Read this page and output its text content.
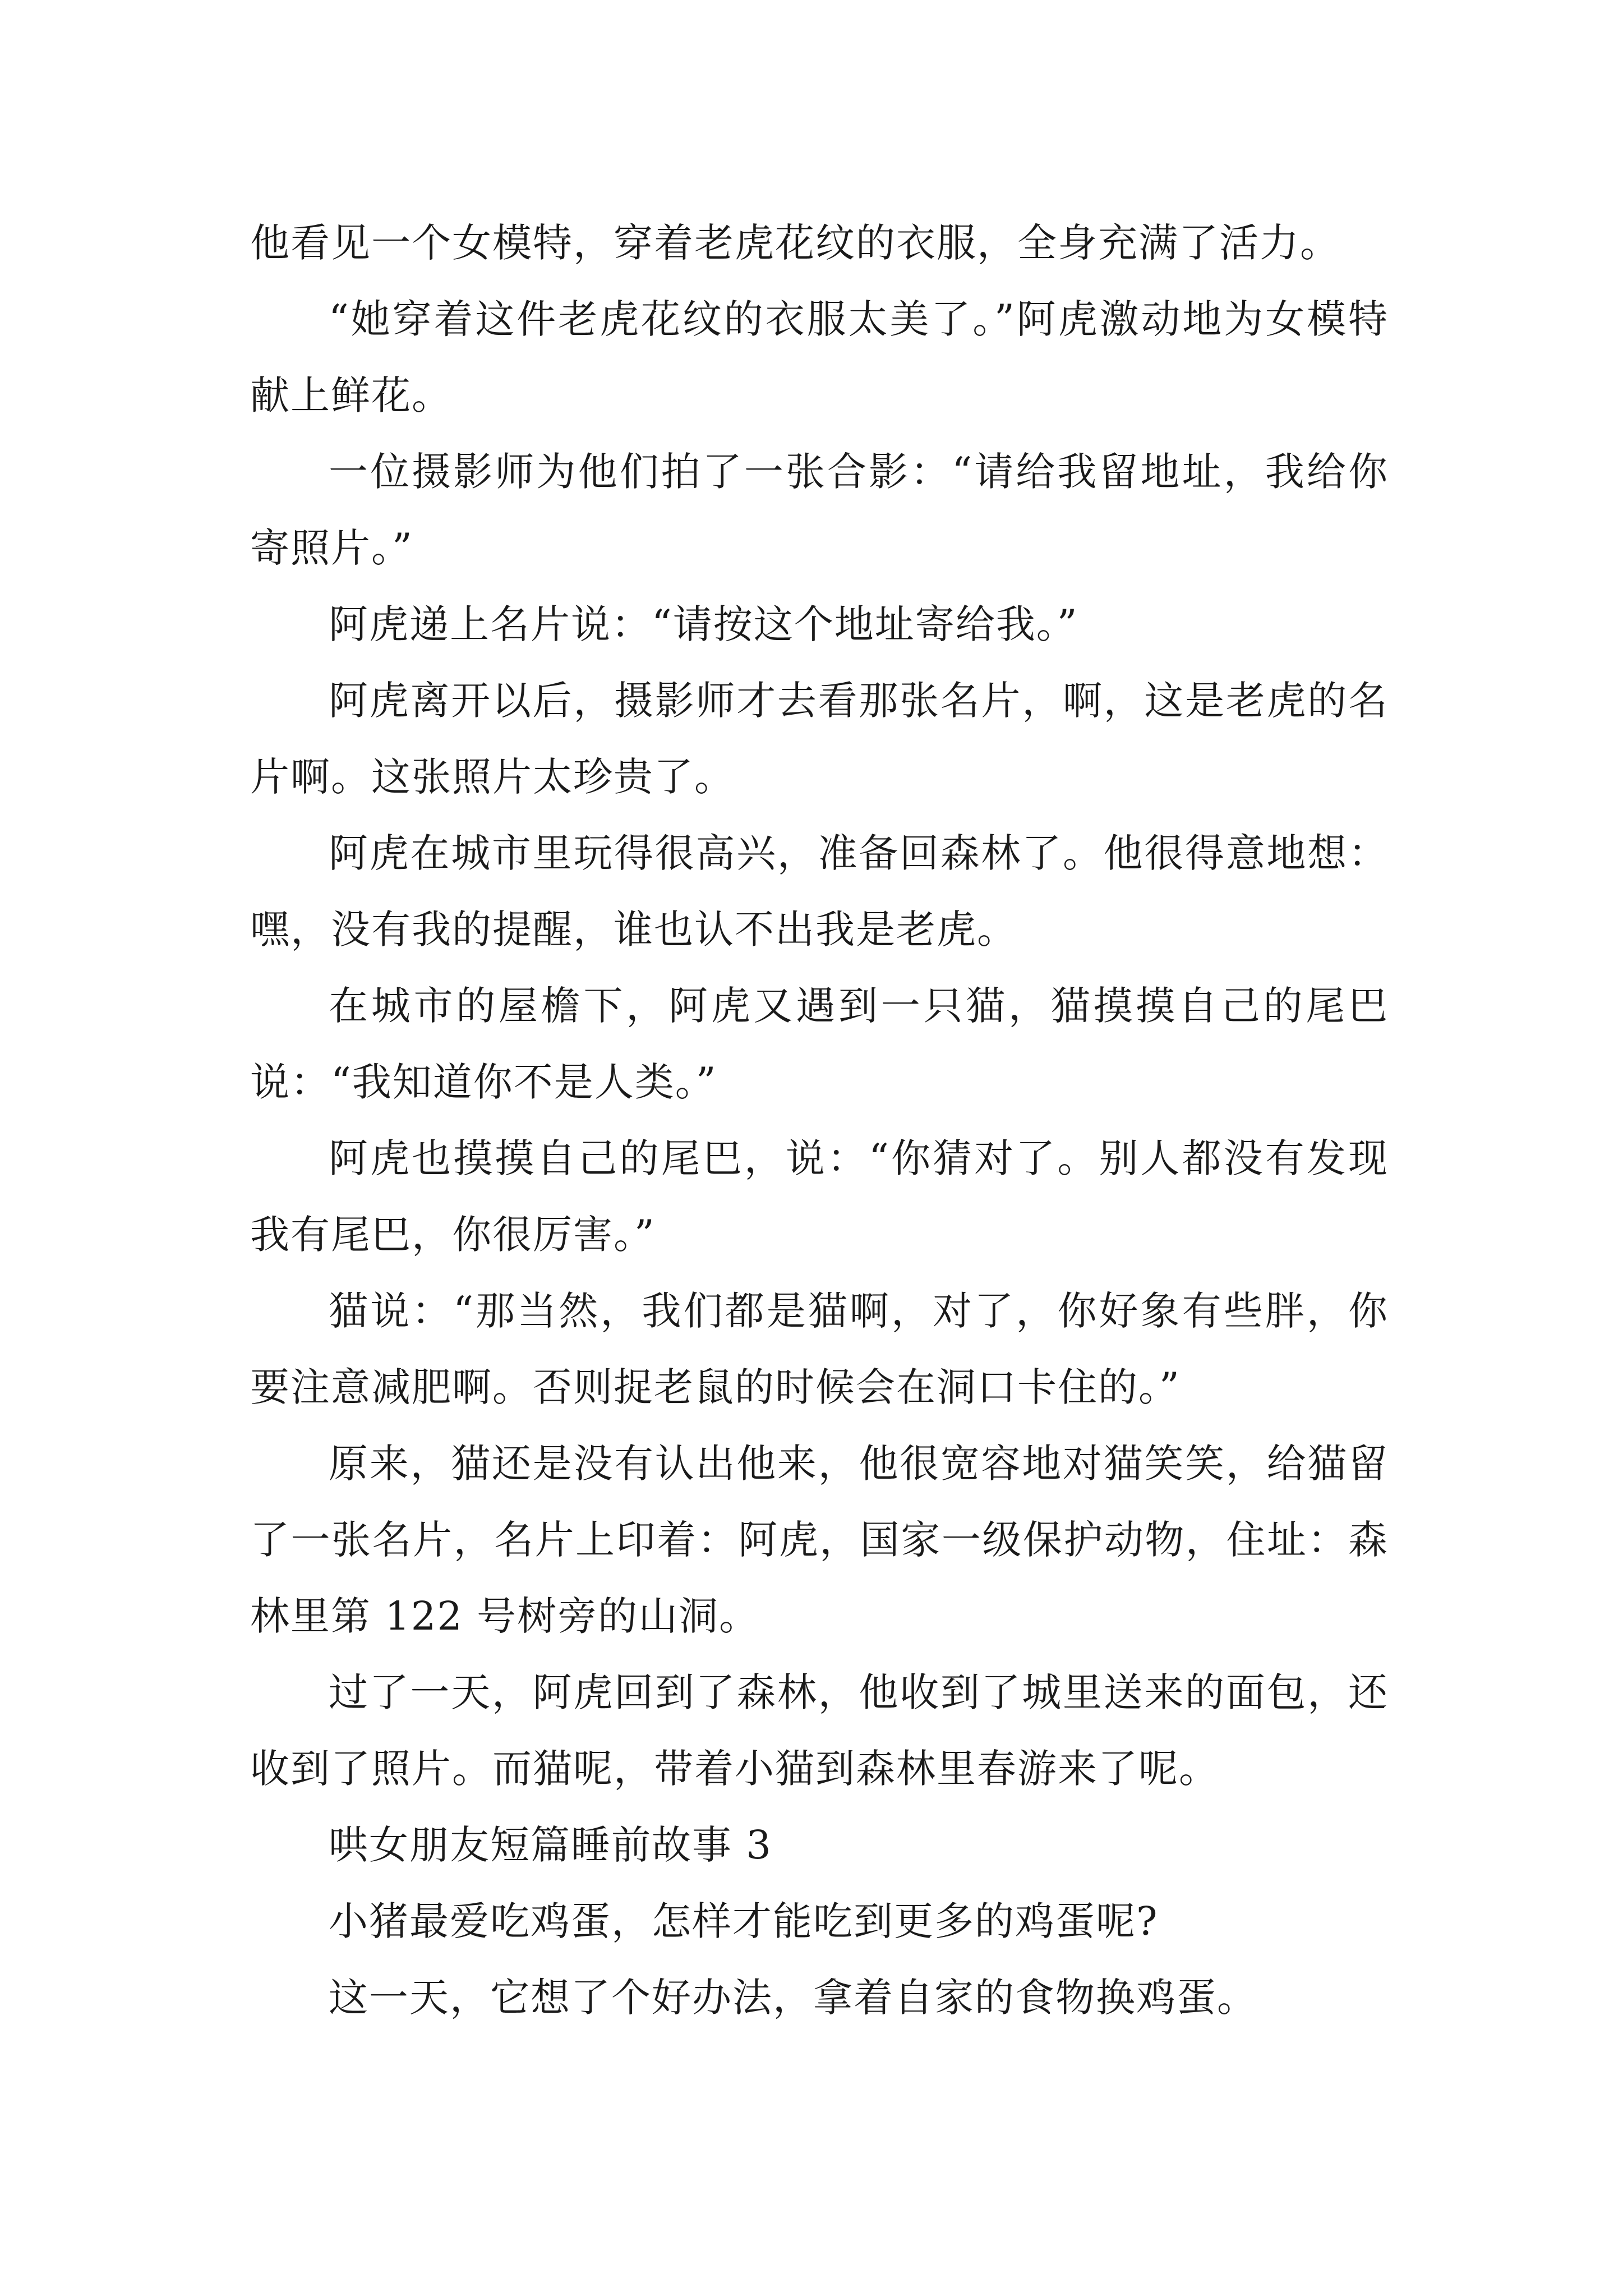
他看见一个女模特，穿着老虎花纹的衣服，全身充满了活力。

“她穿着这件老虎花纹的衣服太美了。”阿虎激动地为女模特献上鲜花。

一位摄影师为他们拍了一张合影：“请给我留地址，我给你寄照片。”

阿虎递上名片说：“请按这个地址寄给我。”

阿虎离开以后，摄影师才去看那张名片，啊，这是老虎的名片啊。这张照片太珍贵了。

阿虎在城市里玩得很高兴，准备回森林了。他很得意地想：嘿，没有我的提醒，谁也认不出我是老虎。

在城市的屋檐下，阿虎又遇到一只猫，猫摸摸自己的尾巴说：“我知道你不是人类。”

阿虎也摸摸自己的尾巴，说：“你猜对了。别人都没有发现我有尾巴，你很厉害。”

猫说：“那当然，我们都是猫啊，对了，你好象有些胖，你要注意减肥啊。否则捉老鼠的时候会在洞口卡住的。”

原来，猫还是没有认出他来，他很宽容地对猫笑笑，给猫留了一张名片，名片上印着：阿虎，国家一级保护动物，住址：森林里第 122 号树旁的山洞。

过了一天，阿虎回到了森林，他收到了城里送来的面包，还收到了照片。而猫呢，带着小猫到森林里春游来了呢。

哄女朋友短篇睡前故事 3

小猪最爱吃鸡蛋，怎样才能吃到更多的鸡蛋呢?

这一天，它想了个好办法，拿着自家的食物换鸡蛋。
